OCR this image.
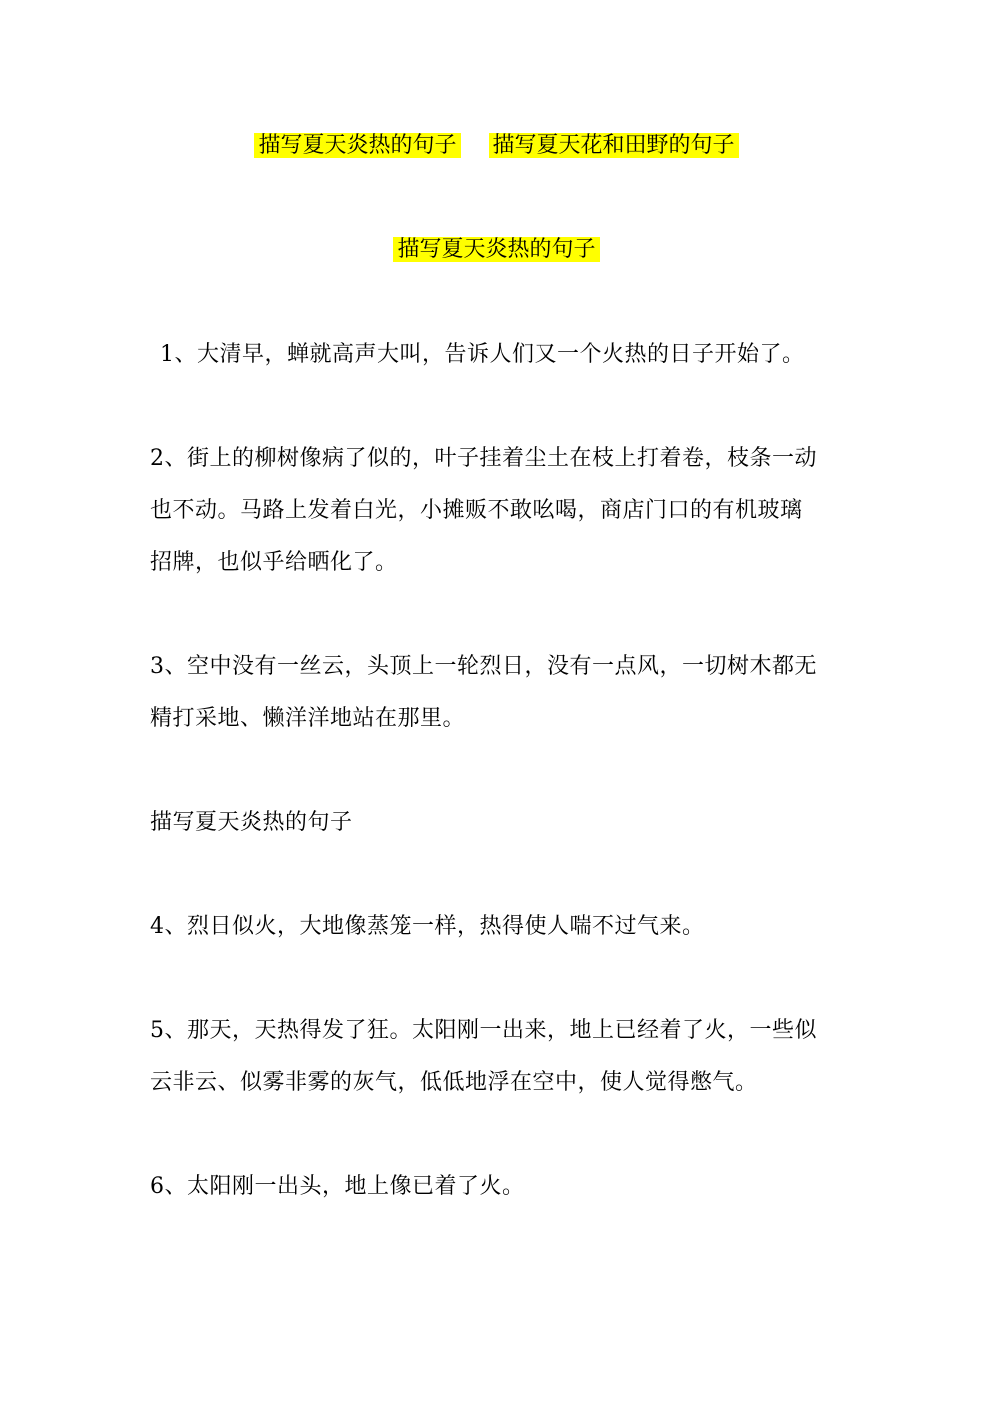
描写夏天炎热的句子 描写夏天花和田野的句子
描写夏天炎热的句子
1、大清早，蝉就高声大叫，告诉人们又一个火热的日子开始了。
2、街上的柳树像病了似的，叶子挂着尘土在枝上打着卷，枝条一动
也不动。马路上发着白光，小摊贩不敢吆喝，商店门口的有机玻璃
招牌，也似乎给晒化了。
3、空中没有一丝云，头顶上一轮烈日，没有一点风，一切树木都无
精打采地、懒洋洋地站在那里。
描写夏天炎热的句子
4、烈日似火，大地像蒸笼一样，热得使人喘不过气来。
5、那天，天热得发了狂。太阳刚一出来，地上已经着了火，一些似
云非云、似雾非雾的灰气，低低地浮在空中，使人觉得憋气。
6、太阳刚一出头，地上像已着了火。
